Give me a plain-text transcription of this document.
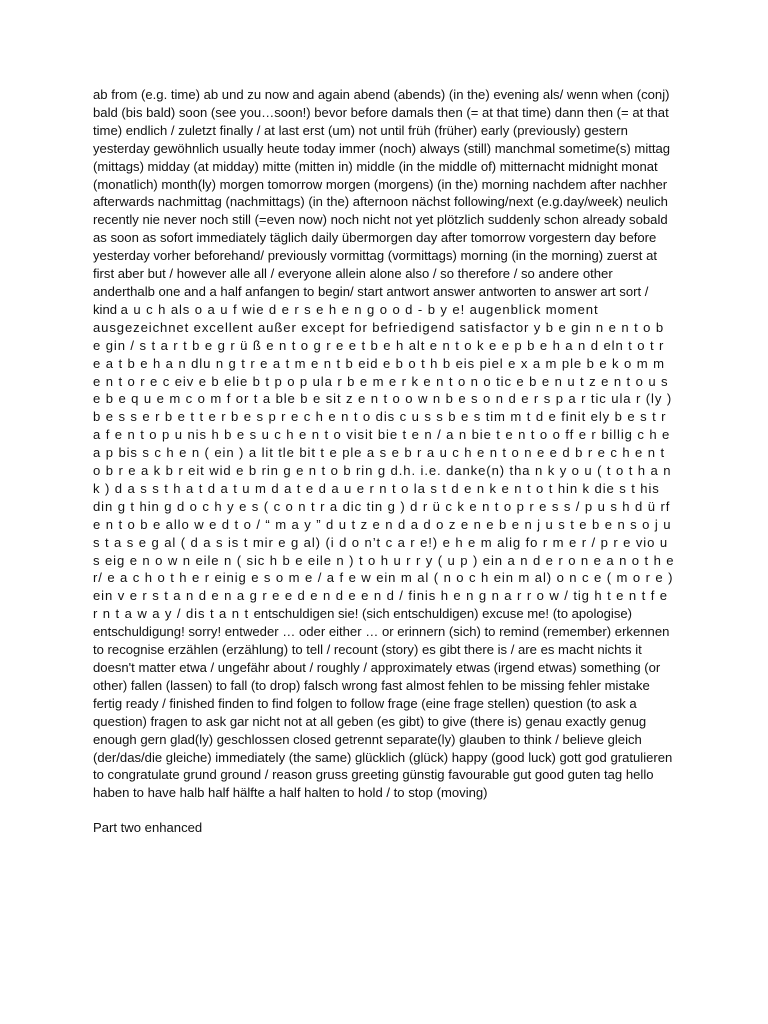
ab from (e.g. time) ab und zu now and again abend (abends) (in the) evening als/ wenn when (conj) bald (bis bald) soon (see you…soon!) bevor before damals then (= at that time) dann then (= at that time) endlich / zuletzt finally / at last erst (um) not until früh (früher) early (previously) gestern yesterday gewöhnlich usually heute today immer (noch) always (still) manchmal sometime(s) mittag (mittags) midday (at midday) mitte (mitten in) middle (in the middle of) mitternacht midnight monat (monatlich) month(ly) morgen tomorrow morgen (morgens) (in the) morning nachdem after nachher afterwards nachmittag (nachmittags) (in the) afternoon nächst following/next (e.g.day/week) neulich recently nie never noch still (=even now) noch nicht not yet plötzlich suddenly schon already sobald as soon as sofort immediately täglich daily übermorgen day after tomorrow vorgestern day before yesterday vorher beforehand/ previously vormittag (vormittags) morning (in the morning) zuerst at first aber but / however alle all / everyone allein alone also / so therefore / so andere other anderthalb one and a half anfangen to begin/ start antwort answer antworten to answer art sort / kind a u c h als o a u f wie d e r s e h e n g o o d - b y e! augenblick moment ausgezeichnet excellent außer except for befriedigend satisfactor y b e gin n e n t o b e gin / s t a r t b e g r ü ß e n t o g r e e t b e h alt e n t o k e e p b e h a n d eln t o t r e a t b e h a n dlu n g t r e a t m e n t b eid e b o t h b eis piel e x a m ple b e k o m m e n t o r e c eiv e b elie b t p o p ula r b e m e r k e n t o n o tic e b e n u t z e n t o u s e b e q u e m c o m f or t a ble b e sit z e n t o o w n b e s o n d e r s p a r tic ula r (ly ) b e s s e r b e t t e r b e s p r e c h e n t o dis c u s s b e s tim m t d e finit ely b e s t r a f e n t o p u nis h b e s u c h e n t o visit bie t e n / a n bie t e n t o o ff e r billig c h e a p bis s c h e n ( ein ) a lit tle bit t e ple a s e b r a u c h e n t o n e e d b r e c h e n t o b r e a k b r eit wid e b rin g e n t o b rin g d.h. i.e. danke(n) tha n k y o u ( t o t h a n k ) d a s s t h a t d a t u m d a t e d a u e r n t o la s t d e n k e n t o t hin k die s t his din g t hin g d o c h y e s ( c o n t r a dic tin g ) d r ü c k e n t o p r e s s / p u s h d ü rf e n t o b e allo w e d t o / “ m a y ” d u t z e n d a d o z e n e b e n j u s t e b e n s o j u s t a s e g al ( d a s is t mir e g al) (i d o n’t c a r e!) e h e m alig fo r m e r / p r e vio u s eig e n o w n eile n ( sic h b e eile n ) t o h u r r y ( u p ) ein a n d e r o n e a n o t h e r/ e a c h o t h e r einig e s o m e / a f e w ein m al ( n o c h ein m al) o n c e ( m o r e ) ein v e r s t a n d e n a g r e e d e n d e e n d / finis h e n g n a r r o w / tig h t e n t f e r n t a w a y / dis t a n t entschuldigen sie! (sich entschuldigen) excuse me! (to apologise) entschuldigung! sorry! entweder … oder either … or erinnern (sich) to remind (remember) erkennen to recognise erzählen (erzählung) to tell / recount (story) es gibt there is / are es macht nichts it doesn't matter etwa / ungefähr about / roughly / approximately etwas (irgend etwas) something (or other) fallen (lassen) to fall (to drop) falsch wrong fast almost fehlen to be missing fehler mistake fertig ready / finished finden to find folgen to follow frage (eine frage stellen) question (to ask a question) fragen to ask gar nicht not at all geben (es gibt) to give (there is) genau exactly genug enough gern glad(ly) geschlossen closed getrennt separate(ly) glauben to think / believe gleich (der/das/die gleiche) immediately (the same) glücklich (glück) happy (good luck) gott god gratulieren to congratulate grund ground / reason gruss greeting günstig favourable gut good guten tag hello haben to have halb half hälfte a half halten to hold / to stop (moving)

Part two enhanced
